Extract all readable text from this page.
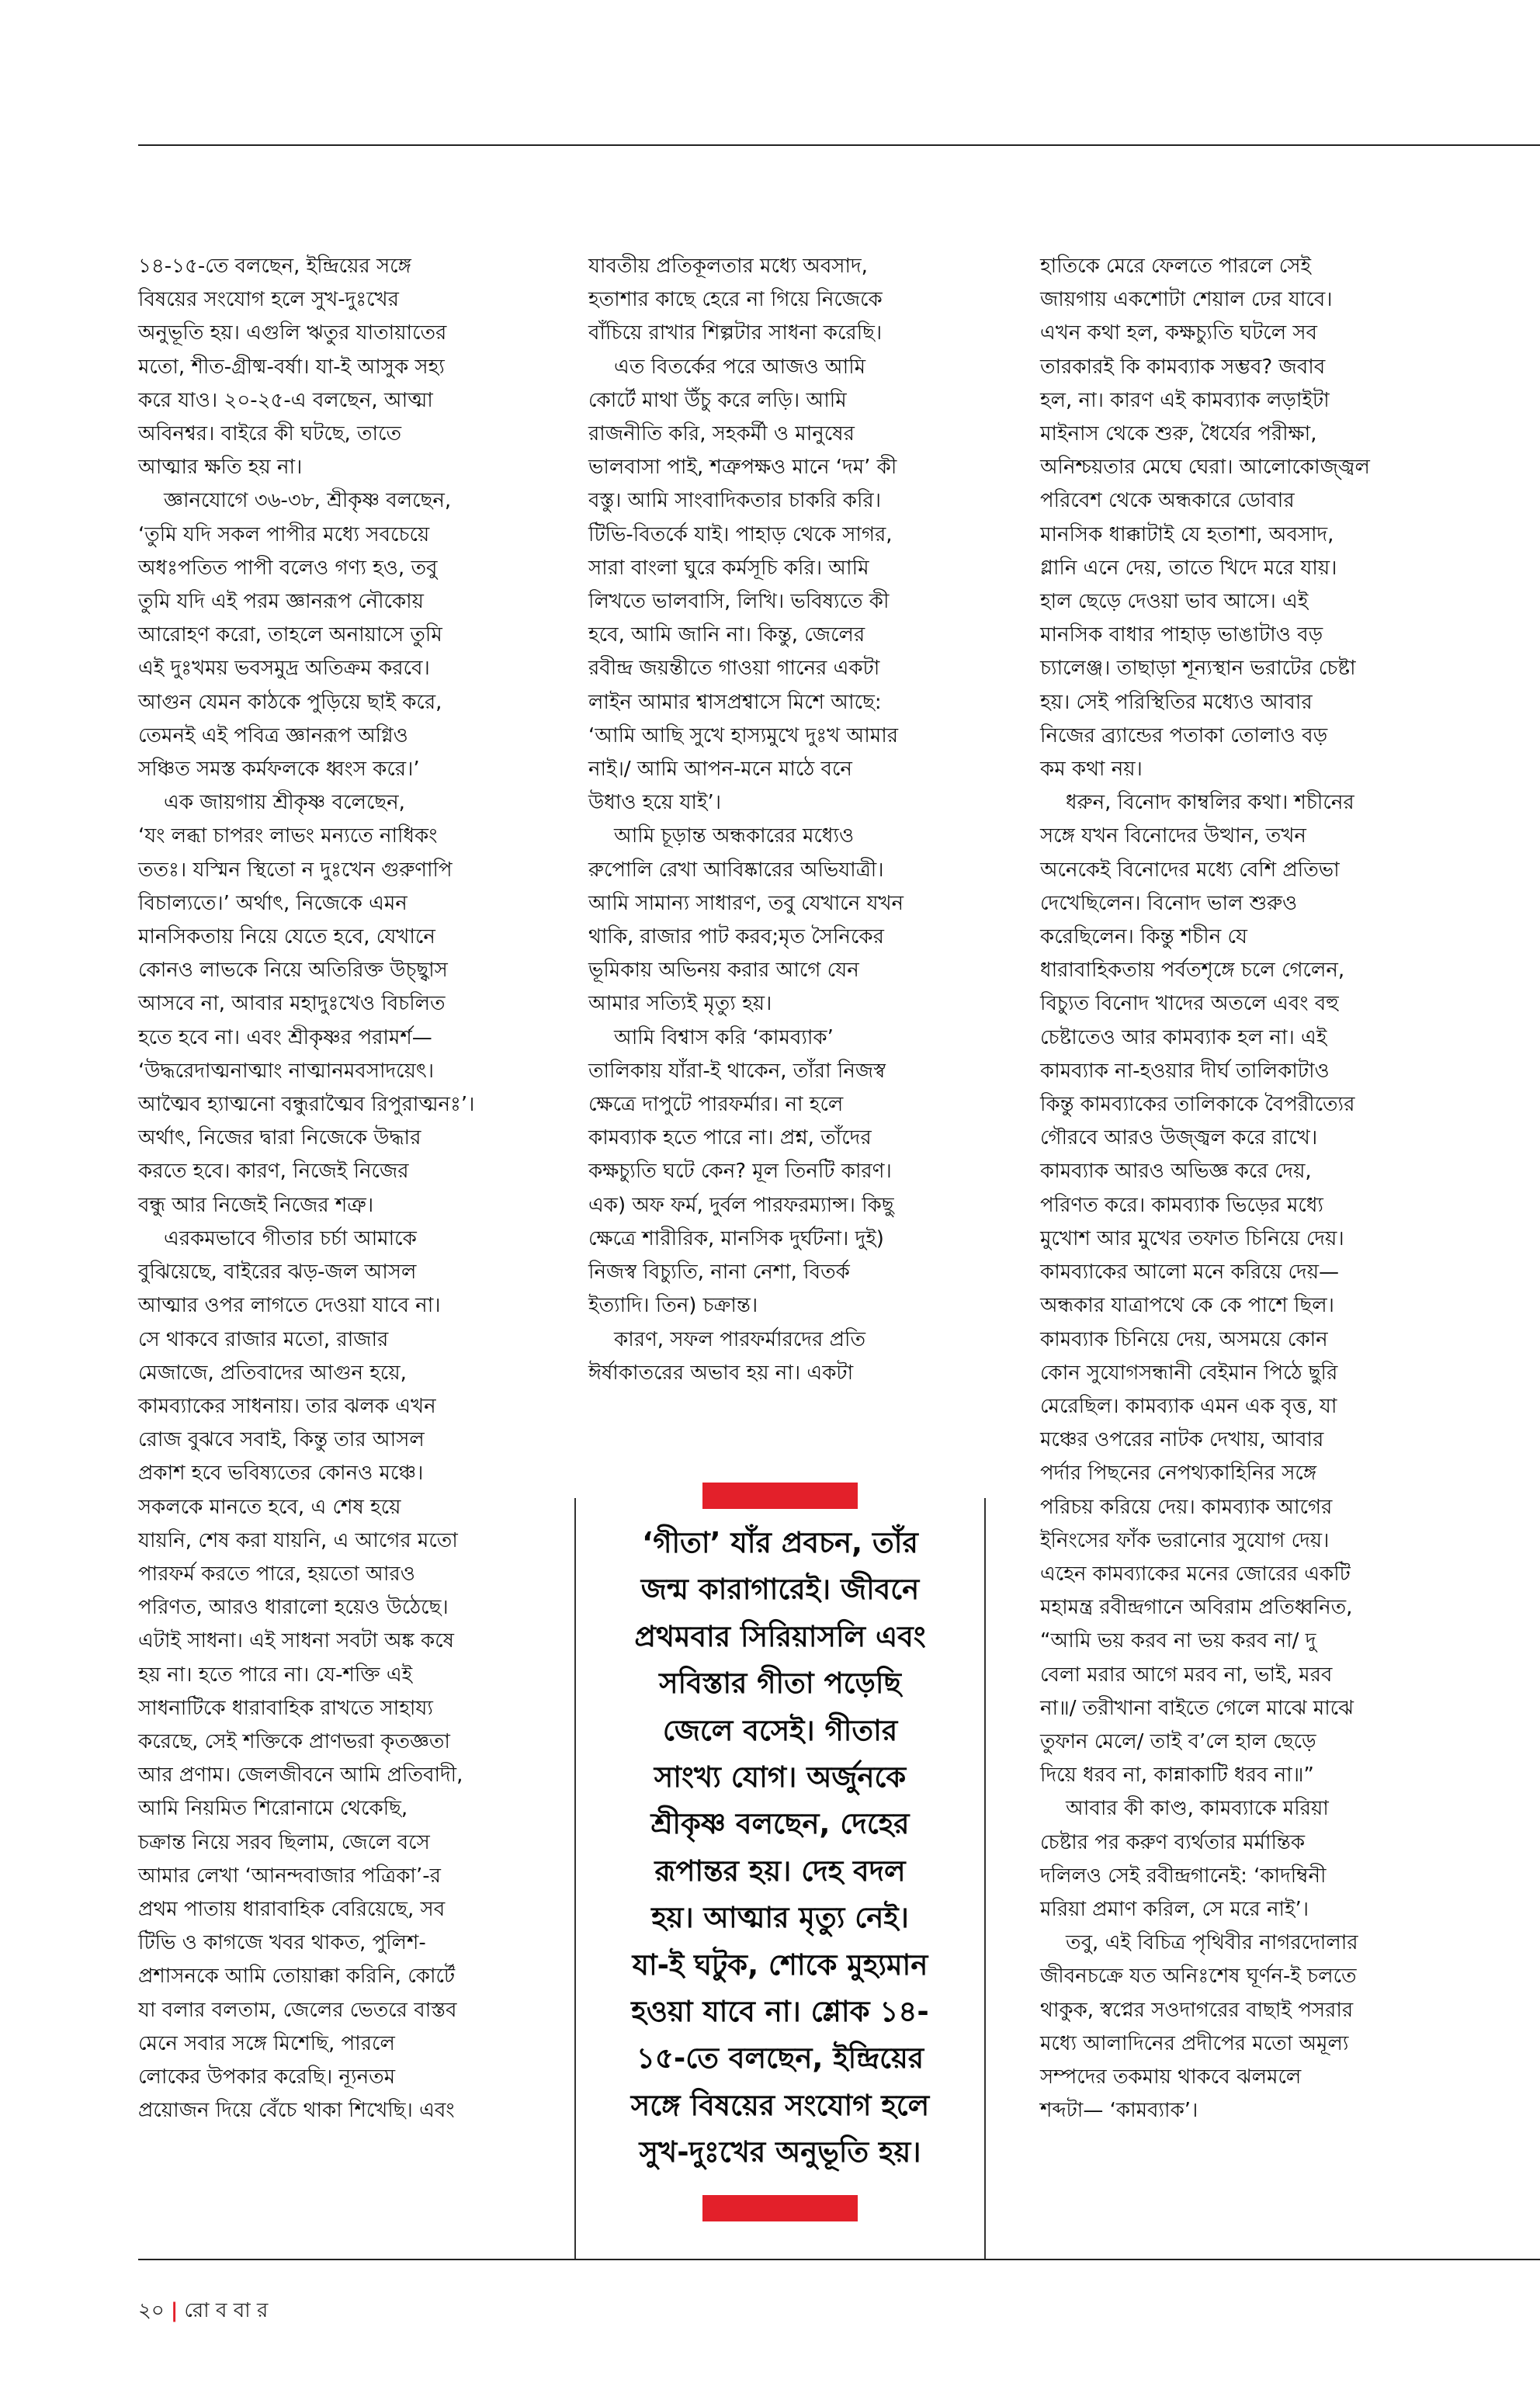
১৪-১৫-তে বলছেন, ইন্দ্রিয়ের সঙ্গে
বিষয়ের সংযোগ হলে সুখ-দুঃখের
অনুভূতি হয়। এগুলি ঋতুর যাতায়াতের
মতো, শীত-গ্রীষ্ম-বর্ষা। যা-ই আসুক সহ্য
করে যাও। ২০-২৫-এ বলছেন, আত্মা
অবিনশ্বর। বাইরে কী ঘটছে, তাতে
আত্মার ক্ষতি হয় না।
জ্ঞানযোগে ৩৬-৩৮, শ্রীকৃষ্ণ বলছেন,
‘তুমি যদি সকল পাপীর মধ্যে সবচেয়ে
অধঃপতিত পাপী বলেও গণ্য হও, তবু
তুমি যদি এই পরম জ্ঞানরূপ নৌকোয়
আরোহণ করো, তাহলে অনায়াসে তুমি
এই দুঃখময় ভবসমুদ্র অতিক্রম করবে।
আগুন যেমন কাঠকে পুড়িয়ে ছাই করে,
তেমনই এই পবিত্র জ্ঞানরূপ অগ্নিও
সঞ্চিত সমস্ত কর্মফলকে ধ্বংস করে।’
এক জায়গায় শ্রীকৃষ্ণ বলেছেন,
‘যং লব্ধা চাপরং লাভং মন্যতে নাধিকং
ততঃ। যস্মিন স্থিতো ন দুঃখেন গুরুণাপি
বিচাল্যতে।’ অর্থাৎ, নিজেকে এমন
মানসিকতায় নিয়ে যেতে হবে, যেখানে
কোনও লাভকে নিয়ে অতিরিক্ত উচ্ছ্বাস
আসবে না, আবার মহাদুঃখেও বিচলিত
হতে হবে না। এবং শ্রীকৃষ্ণর পরামর্শ—
‘উদ্ধরেদাত্মনাত্মাং নাত্মানমবসাদয়েৎ।
আত্মৈব হ্যাত্মনো বন্ধুরাত্মৈব রিপুরাত্মনঃ’।
অর্থাৎ, নিজের দ্বারা নিজেকে উদ্ধার
করতে হবে। কারণ, নিজেই নিজের
বন্ধু আর নিজেই নিজের শত্রু।
এরকমভাবে গীতার চর্চা আমাকে
বুঝিয়েছে, বাইরের ঝড়-জল আসল
আত্মার ওপর লাগতে দেওয়া যাবে না।
সে থাকবে রাজার মতো, রাজার
মেজাজে, প্রতিবাদের আগুন হয়ে,
কামব্যাকের সাধনায়। তার ঝলক এখন
রোজ বুঝবে সবাই, কিন্তু তার আসল
প্রকাশ হবে ভবিষ্যতের কোনও মঞ্চে।
সকলকে মানতে হবে, এ শেষ হয়ে
যায়নি, শেষ করা যায়নি, এ আগের মতো
পারফর্ম করতে পারে, হয়তো আরও
পরিণত, আরও ধারালো হয়েও উঠেছে।
এটাই সাধনা। এই সাধনা সবটা অঙ্ক কষে
হয় না। হতে পারে না। যে-শক্তি এই
সাধনাটিকে ধারাবাহিক রাখতে সাহায্য
করেছে, সেই শক্তিকে প্রাণভরা কৃতজ্ঞতা
আর প্রণাম। জেলজীবনে আমি প্রতিবাদী,
আমি নিয়মিত শিরোনামে থেকেছি,
চক্রান্ত নিয়ে সরব ছিলাম, জেলে বসে
আমার লেখা ‘আনন্দবাজার পত্রিকা’-র
প্রথম পাতায় ধারাবাহিক বেরিয়েছে, সব
টিভি ও কাগজে খবর থাকত, পুলিশ-
প্রশাসনকে আমি তোয়াক্কা করিনি, কোর্টে
যা বলার বলতাম, জেলের ভেতরে বাস্তব
মেনে সবার সঙ্গে মিশেছি, পারলে
লোকের উপকার করেছি। ন্যূনতম
প্রয়োজন দিয়ে বেঁচে থাকা শিখেছি। এবং
যাবতীয় প্রতিকূলতার মধ্যে অবসাদ,
হতাশার কাছে হেরে না গিয়ে নিজেকে
বাঁচিয়ে রাখার শিল্পটার সাধনা করেছি।
এত বিতর্কের পরে আজও আমি
কোর্টে মাথা উঁচু করে লড়ি। আমি
রাজনীতি করি, সহকর্মী ও মানুষের
ভালবাসা পাই, শত্রুপক্ষও মানে ‘দম’ কী
বস্তু। আমি সাংবাদিকতার চাকরি করি।
টিভি-বিতর্কে যাই। পাহাড় থেকে সাগর,
সারা বাংলা ঘুরে কর্মসূচি করি। আমি
লিখতে ভালবাসি, লিখি। ভবিষ্যতে কী
হবে, আমি জানি না। কিন্তু, জেলের
রবীন্দ্র জয়ন্তীতে গাওয়া গানের একটা
লাইন আমার শ্বাসপ্রশ্বাসে মিশে আছে:
‘আমি আছি সুখে হাস্যমুখে দুঃখ আমার
নাই।/ আমি আপন-মনে মাঠে বনে
উধাও হয়ে যাই’।
আমি চূড়ান্ত অন্ধকারের মধ্যেও
রুপোলি রেখা আবিষ্কারের অভিযাত্রী।
আমি সামান্য সাধারণ, তবু যেখানে যখন
থাকি, রাজার পাট করব;মৃত সৈনিকের
ভূমিকায় অভিনয় করার আগে যেন
আমার সত্যিই মৃত্যু হয়।
আমি বিশ্বাস করি ‘কামব্যাক’
তালিকায় যাঁরা-ই থাকেন, তাঁরা নিজস্ব
ক্ষেত্রে দাপুটে পারফর্মার। না হলে
কামব্যাক হতে পারে না। প্রশ্ন, তাঁদের
কক্ষচ্যুতি ঘটে কেন? মূল তিনটি কারণ।
এক) অফ ফর্ম, দুর্বল পারফরম্যান্স। কিছু
ক্ষেত্রে শারীরিক, মানসিক দুর্ঘটনা। দুই)
নিজস্ব বিচ্যুতি, নানা নেশা, বিতর্ক
ইত্যাদি। তিন) চক্রান্ত।
কারণ, সফল পারফর্মারদের প্রতি
ঈর্ষাকাতরের অভাব হয় না। একটা
হাতিকে মেরে ফেলতে পারলে সেই
জায়গায় একশোটা শেয়াল ঢের যাবে।
এখন কথা হল, কক্ষচ্যুতি ঘটলে সব
তারকারই কি কামব্যাক সম্ভব? জবাব
হল, না। কারণ এই কামব্যাক লড়াইটা
মাইনাস থেকে শুরু, ধৈর্যের পরীক্ষা,
অনিশ্চয়তার মেঘে ঘেরা। আলোকোজ্জ্বল
পরিবেশ থেকে অন্ধকারে ডোবার
মানসিক ধাক্কাটাই যে হতাশা, অবসাদ,
গ্লানি এনে দেয়, তাতে খিদে মরে যায়।
হাল ছেড়ে দেওয়া ভাব আসে। এই
মানসিক বাধার পাহাড় ভাঙাটাও বড়
চ্যালেঞ্জ। তাছাড়া শূন্যস্থান ভরাটের চেষ্টা
হয়। সেই পরিস্থিতির মধ্যেও আবার
নিজের ব্র্যান্ডের পতাকা তোলাও বড়
কম কথা নয়।
ধরুন, বিনোদ কাম্বলির কথা। শচীনের
সঙ্গে যখন বিনোদের উত্থান, তখন
অনেকেই বিনোদের মধ্যে বেশি প্রতিভা
দেখেছিলেন। বিনোদ ভাল শুরুও
করেছিলেন। কিন্তু শচীন যে
ধারাবাহিকতায় পর্বতশৃঙ্গে চলে গেলেন,
বিচ্যুত বিনোদ খাদের অতলে এবং বহু
চেষ্টাতেও আর কামব্যাক হল না। এই
কামব্যাক না-হওয়ার দীর্ঘ তালিকাটাও
কিন্তু কামব্যাকের তালিকাকে বৈপরীত্যের
গৌরবে আরও উজ্জ্বল করে রাখে।
কামব্যাক আরও অভিজ্ঞ করে দেয়,
পরিণত করে। কামব্যাক ভিড়ের মধ্যে
মুখোশ আর মুখের তফাত চিনিয়ে দেয়।
কামব্যাকের আলো মনে করিয়ে দেয়—
অন্ধকার যাত্রাপথে কে কে পাশে ছিল।
কামব্যাক চিনিয়ে দেয়, অসময়ে কোন
কোন সুযোগসন্ধানী বেইমান পিঠে ছুরি
মেরেছিল। কামব্যাক এমন এক বৃত্ত, যা
মঞ্চের ওপরের নাটক দেখায়, আবার
পর্দার পিছনের নেপথ্যকাহিনির সঙ্গে
পরিচয় করিয়ে দেয়। কামব্যাক আগের
ইনিংসের ফাঁক ভরানোর সুযোগ দেয়।
এহেন কামব্যাকের মনের জোরের একটি
মহামন্ত্র রবীন্দ্রগানে অবিরাম প্রতিধ্বনিত,
“আমি ভয় করব না ভয় করব না/ দু
বেলা মরার আগে মরব না, ভাই, মরব
না॥/ তরীখানা বাইতে গেলে মাঝে মাঝে
তুফান মেলে/ তাই ব’লে হাল ছেড়ে
দিয়ে ধরব না, কান্নাকাটি ধরব না॥”
আবার কী কাণ্ড, কামব্যাকে মরিয়া
চেষ্টার পর করুণ ব্যর্থতার মর্মান্তিক
দলিলও সেই রবীন্দ্রগানেই: ‘কাদম্বিনী
মরিয়া প্রমাণ করিল, সে মরে নাই’।
তবু, এই বিচিত্র পৃথিবীর নাগরদোলার
জীবনচক্রে যত অনিঃশেষ ঘূর্ণন-ই চলতে
থাকুক, স্বপ্নের সওদাগরের বাছাই পসরার
মধ্যে আলাদিনের প্রদীপের মতো অমূল্য
সম্পদের তকমায় থাকবে ঝলমলে
শব্দটা— ‘কামব্যাক’।
‘গীতা’ যাঁর প্রবচন, তাঁর
জন্ম কারাগারেই। জীবনে
প্রথমবার সিরিয়াসলি এবং
সবিস্তার গীতা পড়েছি
জেলে বসেই। গীতার
সাংখ্য যোগ। অর্জুনকে
শ্রীকৃষ্ণ বলছেন, দেহের
রূপান্তর হয়। দেহ বদল
হয়। আত্মার মৃত্যু নেই।
যা-ই ঘটুক, শোকে মুহ্যমান
হওয়া যাবে না। শ্লোক ১৪-
১৫-তে বলছেন, ইন্দ্রিয়ের
সঙ্গে বিষয়ের সংযোগ হলে
সুখ-দুঃখের অনুভূতি হয়।
২০ | রো ব বা র
